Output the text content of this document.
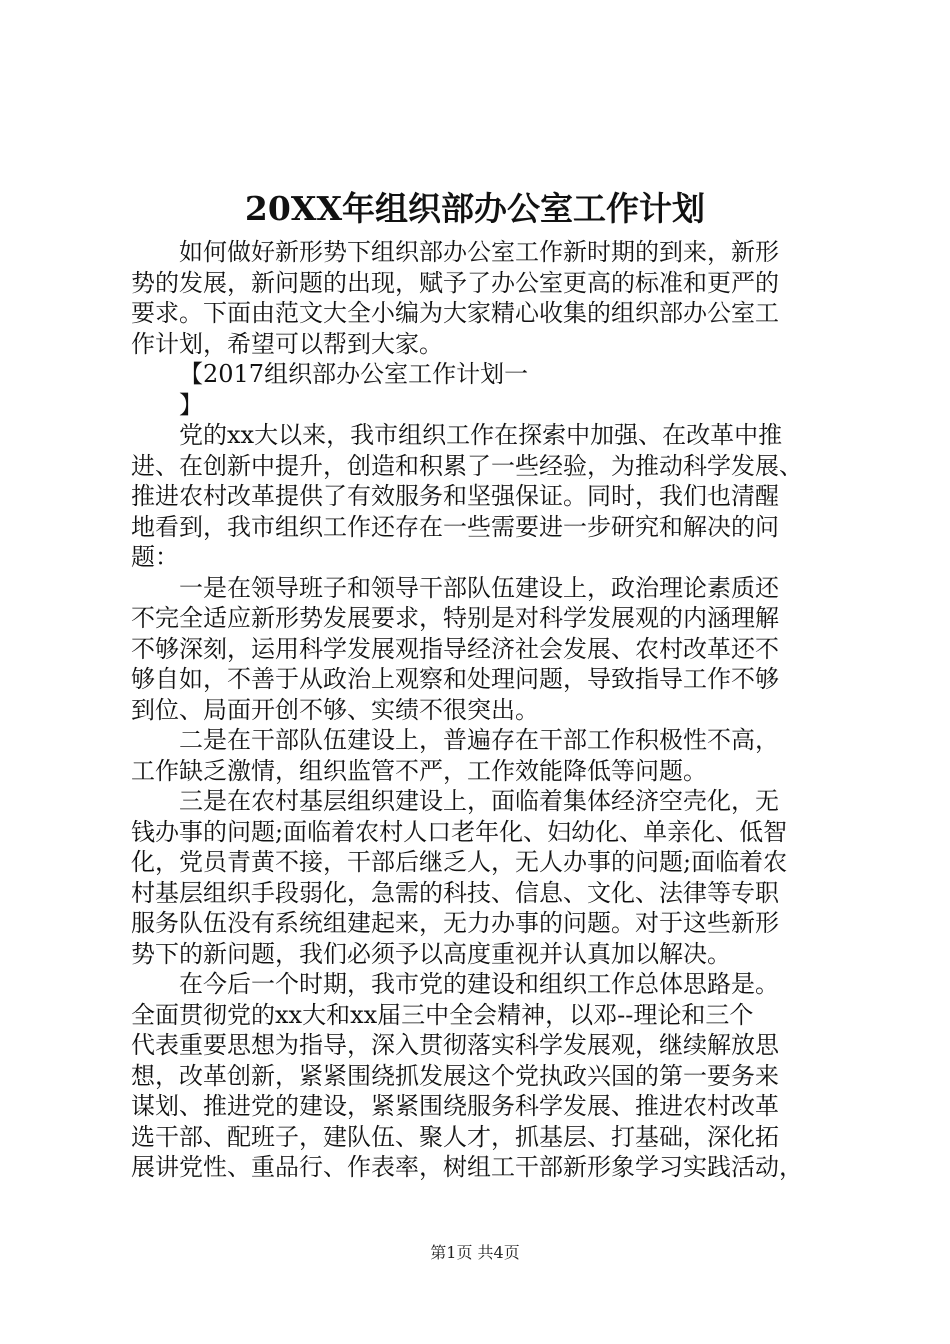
20XX年组织部办公室工作计划
如何做好新形势下组织部办公室工作新时期的到来，新形
势的发展，新问题的出现，赋予了办公室更高的标准和更严的
要求。下面由范文大全小编为大家精心收集的组织部办公室工
作计划，希望可以帮到大家。
【2017组织部办公室工作计划一
】
党的xx大以来，我市组织工作在探索中加强、在改革中推
进、在创新中提升，创造和积累了一些经验，为推动科学发展、
推进农村改革提供了有效服务和坚强保证。同时，我们也清醒
地看到，我市组织工作还存在一些需要进一步研究和解决的问
题：
一是在领导班子和领导干部队伍建设上，政治理论素质还
不完全适应新形势发展要求，特别是对科学发展观的内涵理解
不够深刻，运用科学发展观指导经济社会发展、农村改革还不
够自如，不善于从政治上观察和处理问题，导致指导工作不够
到位、局面开创不够、实绩不很突出。
二是在干部队伍建设上，普遍存在干部工作积极性不高，
工作缺乏激情，组织监管不严，工作效能降低等问题。
三是在农村基层组织建设上，面临着集体经济空壳化，无
钱办事的问题;面临着农村人口老年化、妇幼化、单亲化、低智
化，党员青黄不接，干部后继乏人，无人办事的问题;面临着农
村基层组织手段弱化，急需的科技、信息、文化、法律等专职
服务队伍没有系统组建起来，无力办事的问题。对于这些新形
势下的新问题，我们必须予以高度重视并认真加以解决。
在今后一个时期，我市党的建设和组织工作总体思路是。
全面贯彻党的xx大和xx届三中全会精神，以邓--理论和三个
代表重要思想为指导，深入贯彻落实科学发展观，继续解放思
想，改革创新，紧紧围绕抓发展这个党执政兴国的第一要务来
谋划、推进党的建设，紧紧围绕服务科学发展、推进农村改革
选干部、配班子，建队伍、聚人才，抓基层、打基础，深化拓
展讲党性、重品行、作表率，树组工干部新形象学习实践活动，
第1页 共4页
